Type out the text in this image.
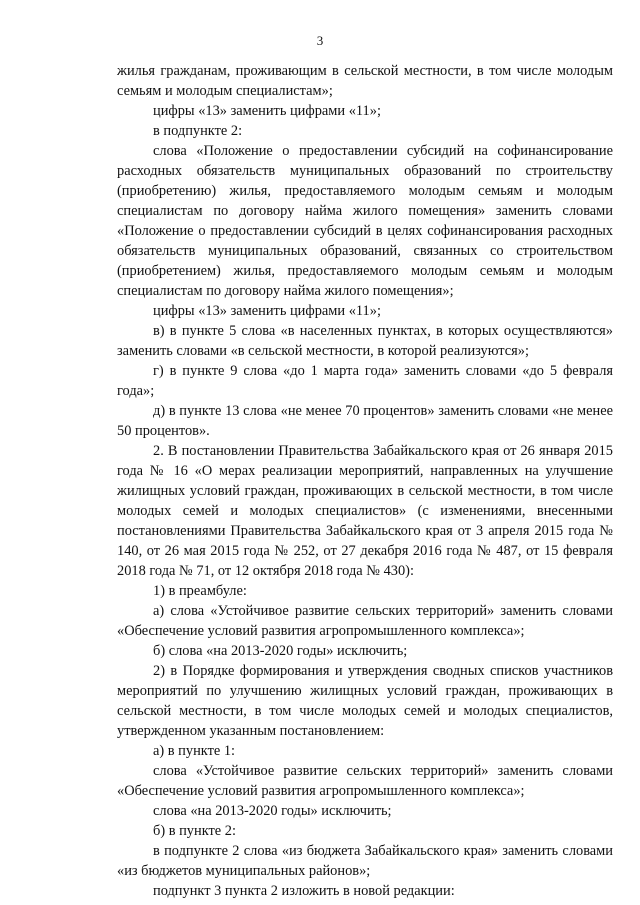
3

жилья гражданам, проживающим в сельской местности, в том числе молодым семьям и молодым специалистам»;

цифры «13» заменить цифрами «11»;

в подпункте 2:

слова «Положение о предоставлении субсидий на софинансирование расходных обязательств муниципальных образований по строительству (приобретению) жилья, предоставляемого молодым семьям и молодым специалистам по договору найма жилого помещения» заменить словами «Положение о предоставлении субсидий в целях софинансирования расходных обязательств муниципальных образований, связанных со строительством (приобретением) жилья, предоставляемого молодым семьям и молодым специалистам по договору найма жилого помещения»;

цифры «13» заменить цифрами «11»;

в) в пункте 5 слова «в населенных пунктах, в которых осуществляются» заменить словами «в сельской местности, в которой реализуются»;

г) в пункте 9 слова «до 1 марта года» заменить словами «до 5 февраля года»;

д) в пункте 13 слова «не менее 70 процентов» заменить словами «не менее 50 процентов».

2. В постановлении Правительства Забайкальского края от 26 января 2015 года № 16 «О мерах реализации мероприятий, направленных на улучшение жилищных условий граждан, проживающих в сельской местности, в том числе молодых семей и молодых специалистов» (с изменениями, внесенными постановлениями Правительства Забайкальского края от 3 апреля 2015 года № 140, от 26 мая 2015 года № 252, от 27 декабря 2016 года № 487, от 15 февраля 2018 года № 71, от 12 октября 2018 года № 430):

1) в преамбуле:

а) слова «Устойчивое развитие сельских территорий» заменить словами «Обеспечение условий развития агропромышленного комплекса»;

б) слова «на 2013-2020 годы» исключить;

2) в Порядке формирования и утверждения сводных списков участников мероприятий по улучшению жилищных условий граждан, проживающих в сельской местности, в том числе молодых семей и молодых специалистов, утвержденном указанным постановлением:

а) в пункте 1:

слова «Устойчивое развитие сельских территорий» заменить словами «Обеспечение условий развития агропромышленного комплекса»;

слова «на 2013-2020 годы» исключить;

б) в пункте 2:

в подпункте 2 слова «из бюджета Забайкальского края» заменить словами «из бюджетов муниципальных районов»;

подпункт 3 пункта 2 изложить в новой редакции:
